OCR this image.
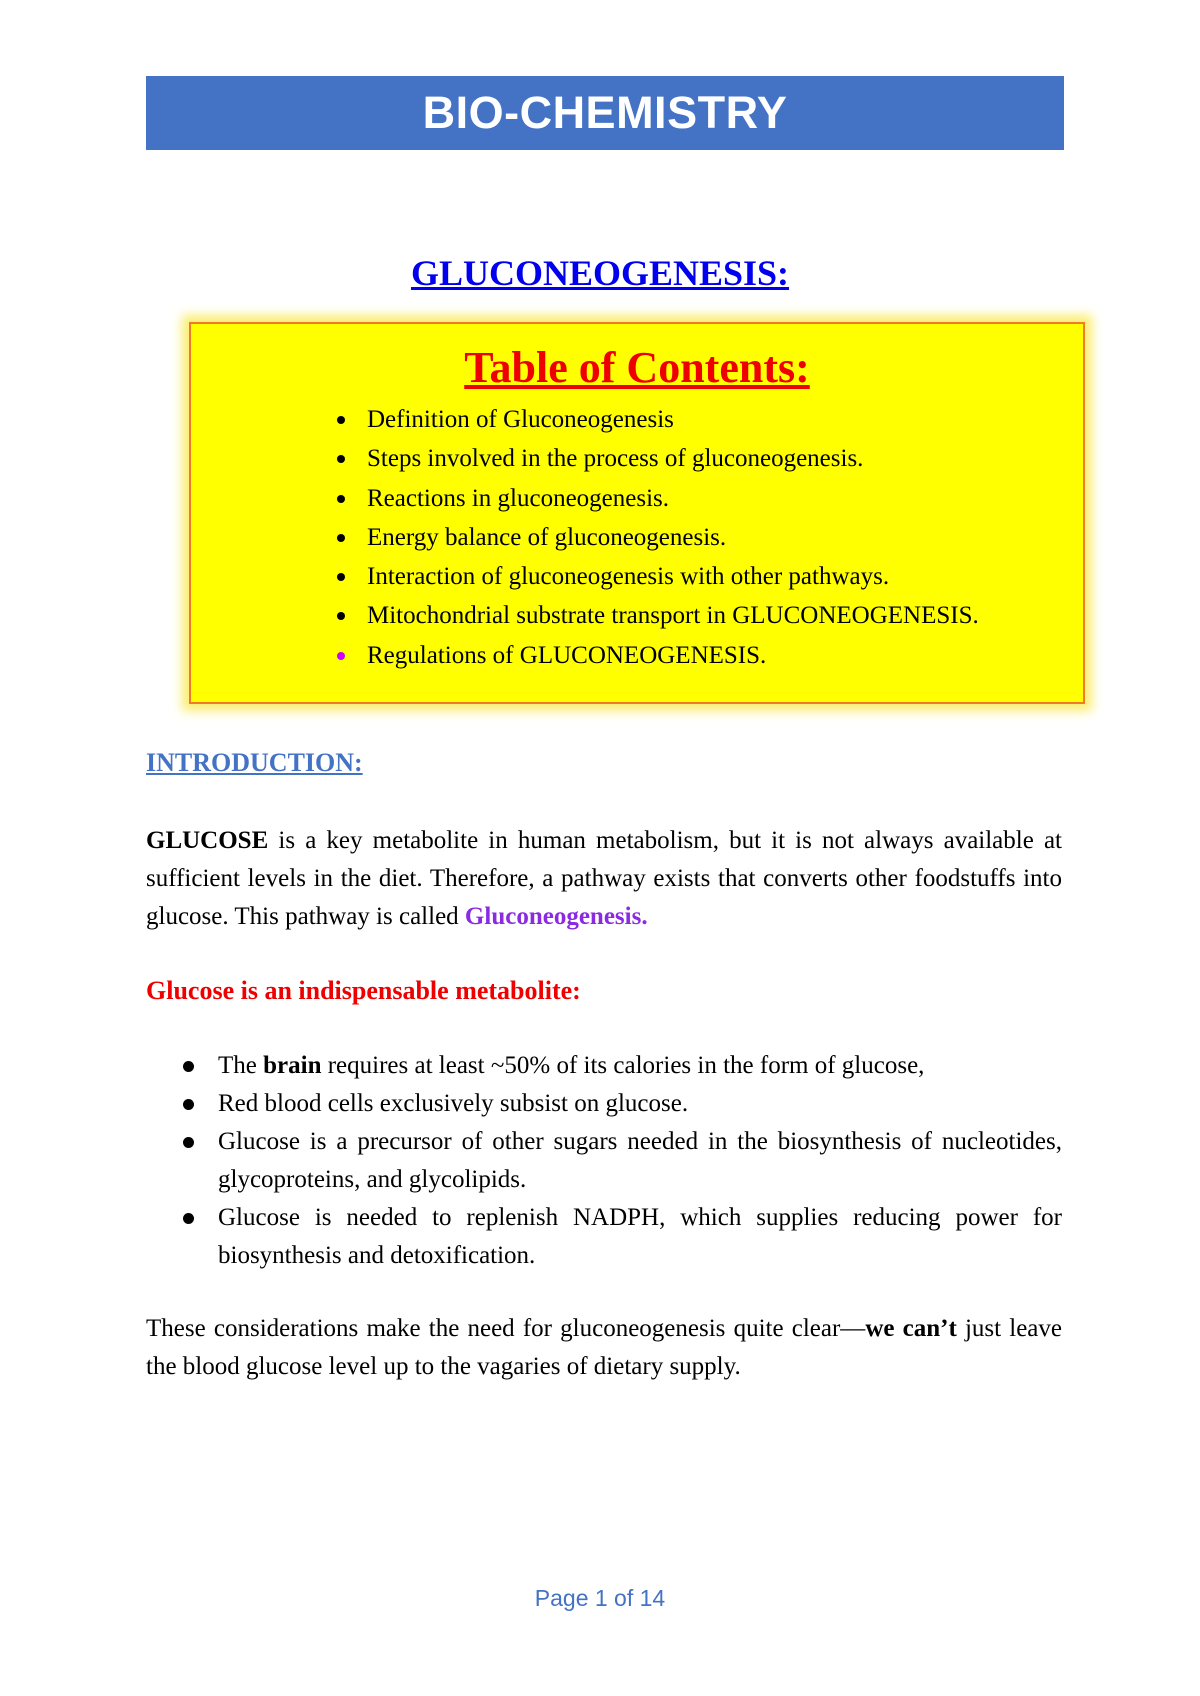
BIO-CHEMISTRY
GLUCONEOGENESIS:
Table of Contents:
Definition of Gluconeogenesis
Steps involved in the process of gluconeogenesis.
Reactions in gluconeogenesis.
Energy balance of gluconeogenesis.
Interaction of gluconeogenesis with other pathways.
Mitochondrial substrate transport in GLUCONEOGENESIS.
Regulations of GLUCONEOGENESIS.
INTRODUCTION:

GLUCOSE is a key metabolite in human metabolism, but it is not always available at sufficient levels in the diet. Therefore, a pathway exists that converts other foodstuffs into glucose. This pathway is called Gluconeogenesis.

Glucose is an indispensable metabolite:
The brain requires at least ~50% of its calories in the form of glucose,
Red blood cells exclusively subsist on glucose.
Glucose is a precursor of other sugars needed in the biosynthesis of nucleotides, glycoproteins, and glycolipids.
Glucose is needed to replenish NADPH, which supplies reducing power for biosynthesis and detoxification.

These considerations make the need for gluconeogenesis quite clear—we can’t just leave the blood glucose level up to the vagaries of dietary supply.

Page 1 of 14
